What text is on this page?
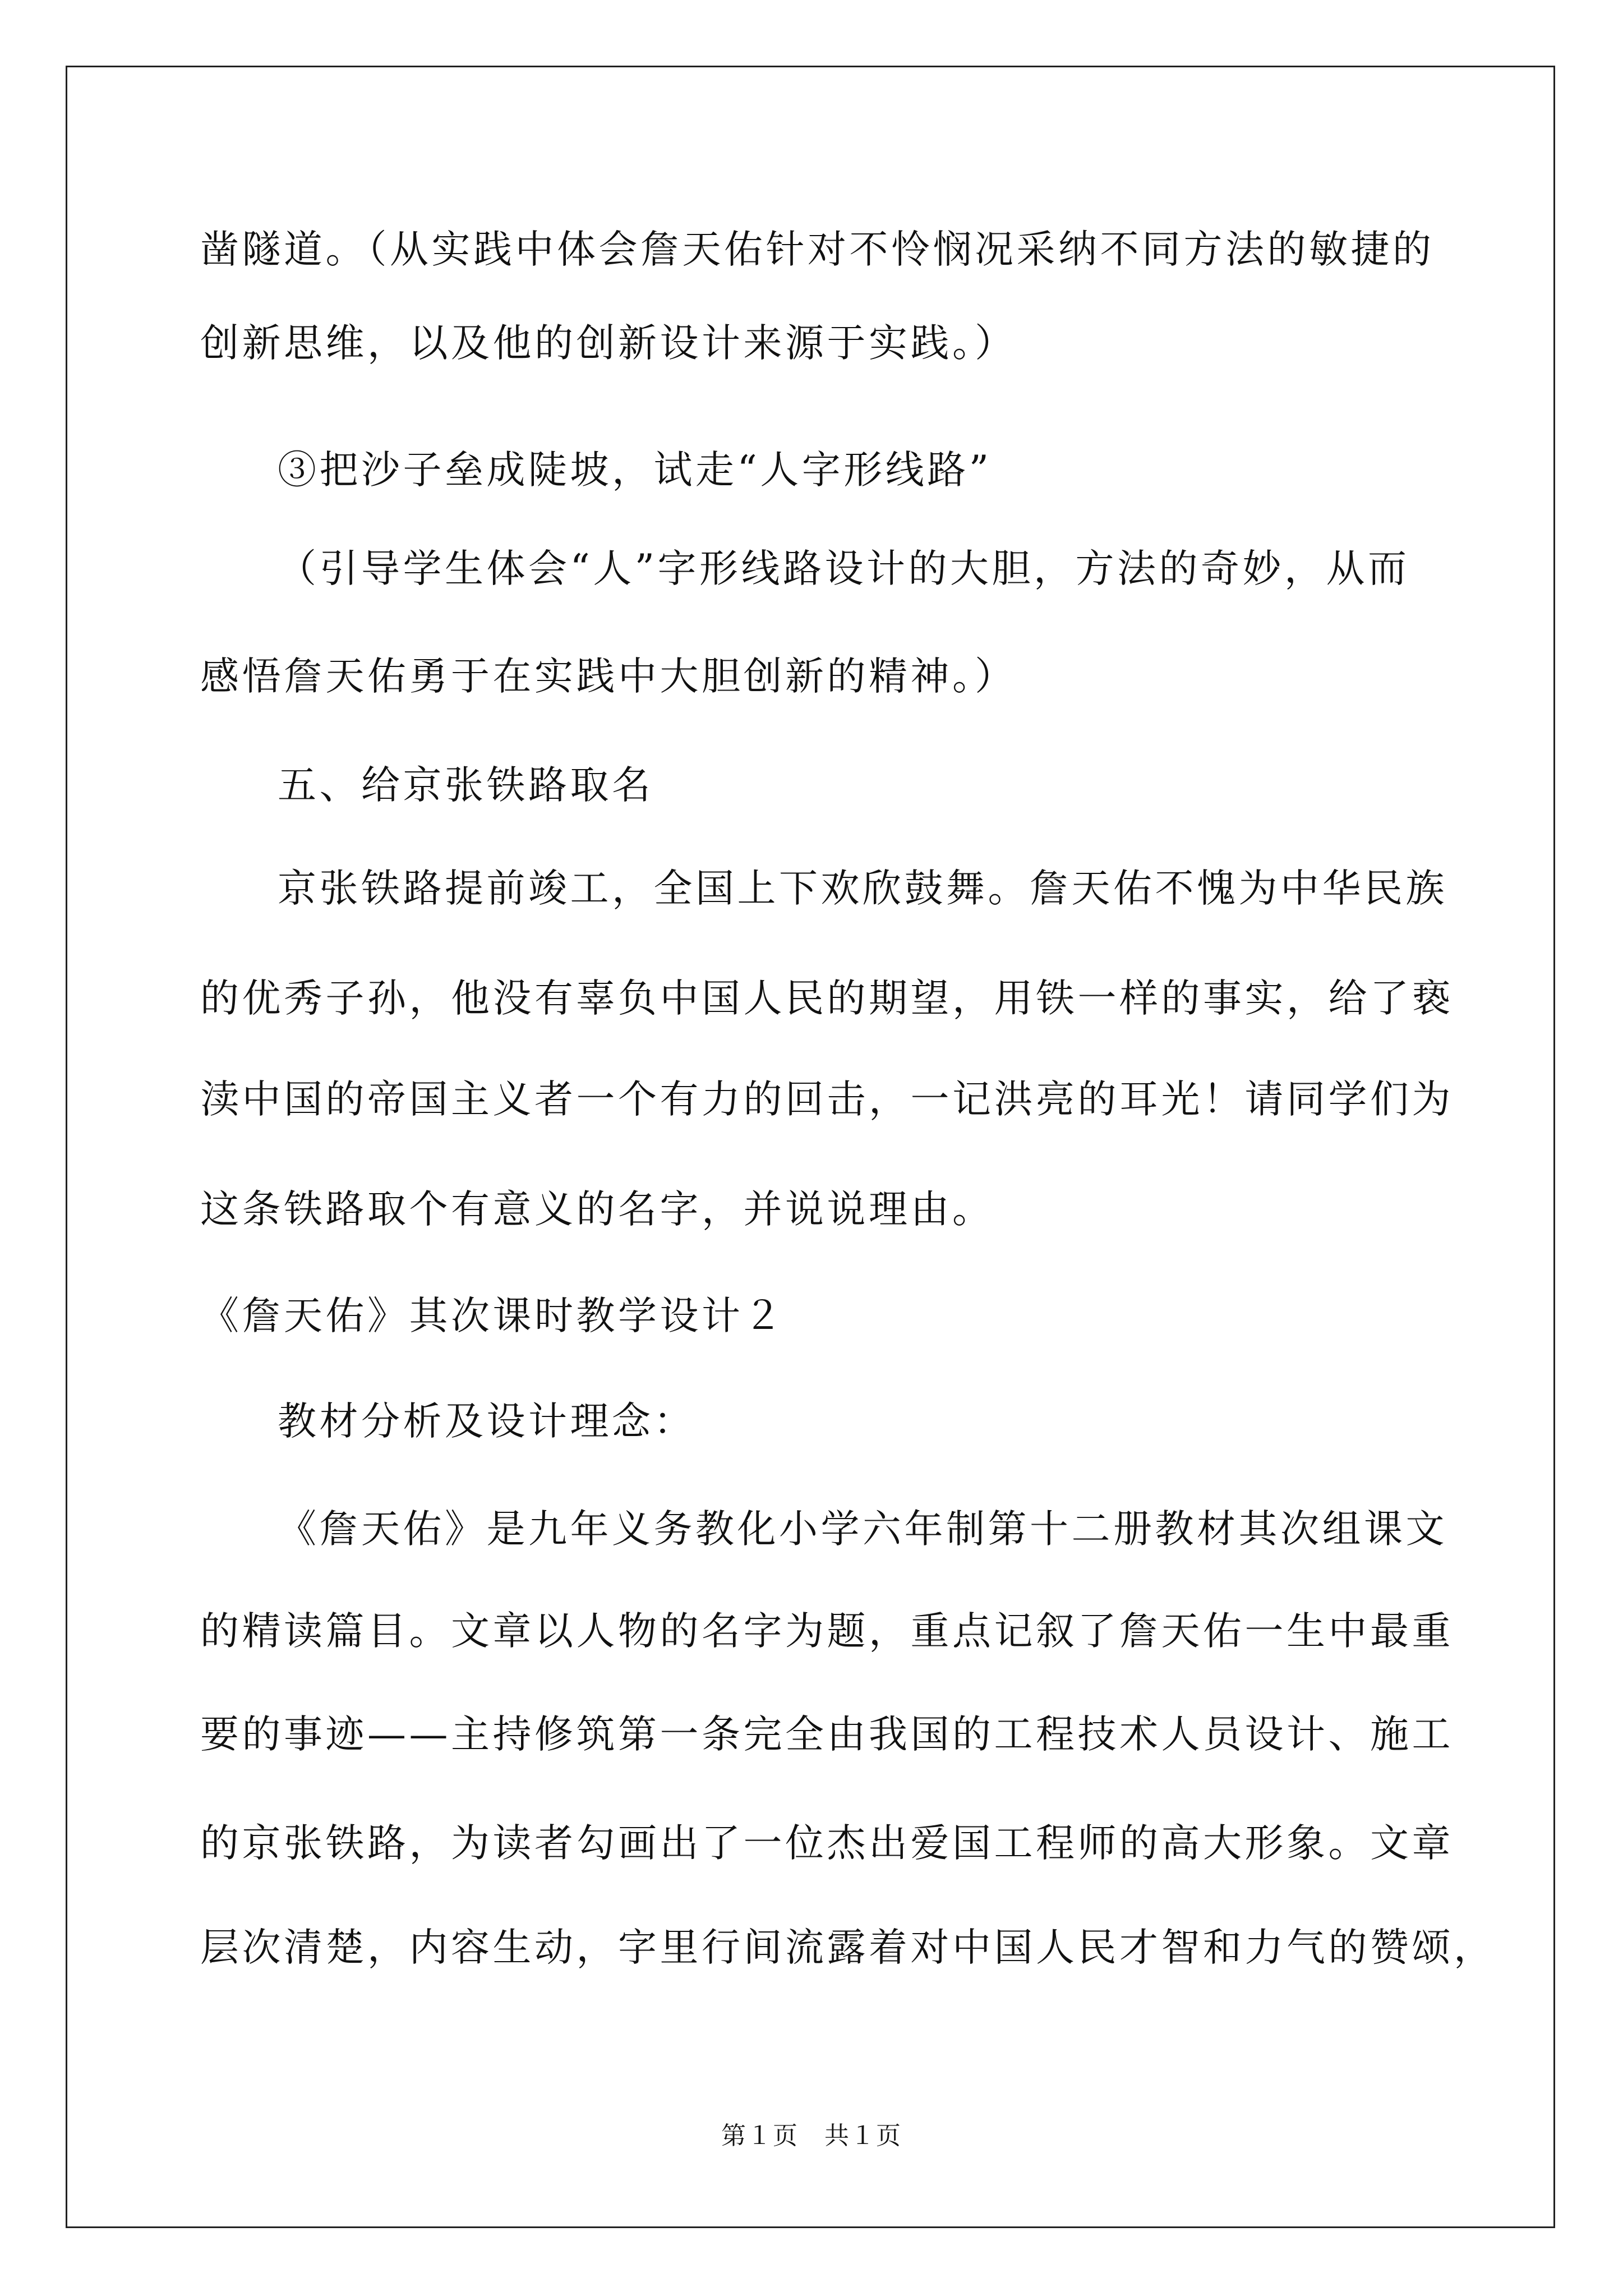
凿隧道。（从实践中体会詹天佑针对不怜悯况采纳不同方法的敏捷的
创新思维，以及他的创新设计来源于实践。）
③把沙子垒成陡坡，试走“人字形线路”
（引导学生体会“人”字形线路设计的大胆，方法的奇妙，从而
感悟詹天佑勇于在实践中大胆创新的精神。）
五、给京张铁路取名
京张铁路提前竣工，全国上下欢欣鼓舞。詹天佑不愧为中华民族
的优秀子孙，他没有辜负中国人民的期望，用铁一样的事实，给了亵
渎中国的帝国主义者一个有力的回击，一记洪亮的耳光！请同学们为
这条铁路取个有意义的名字，并说说理由。
《詹天佑》其次课时教学设计２
教材分析及设计理念：
《詹天佑》是九年义务教化小学六年制第十二册教材其次组课文
的精读篇目。文章以人物的名字为题，重点记叙了詹天佑一生中最重
要的事迹——主持修筑第一条完全由我国的工程技术人员设计、施工
的京张铁路，为读者勾画出了一位杰出爱国工程师的高大形象。文章
层次清楚，内容生动，字里行间流露着对中国人民才智和力气的赞颂，
第１页　共１页
